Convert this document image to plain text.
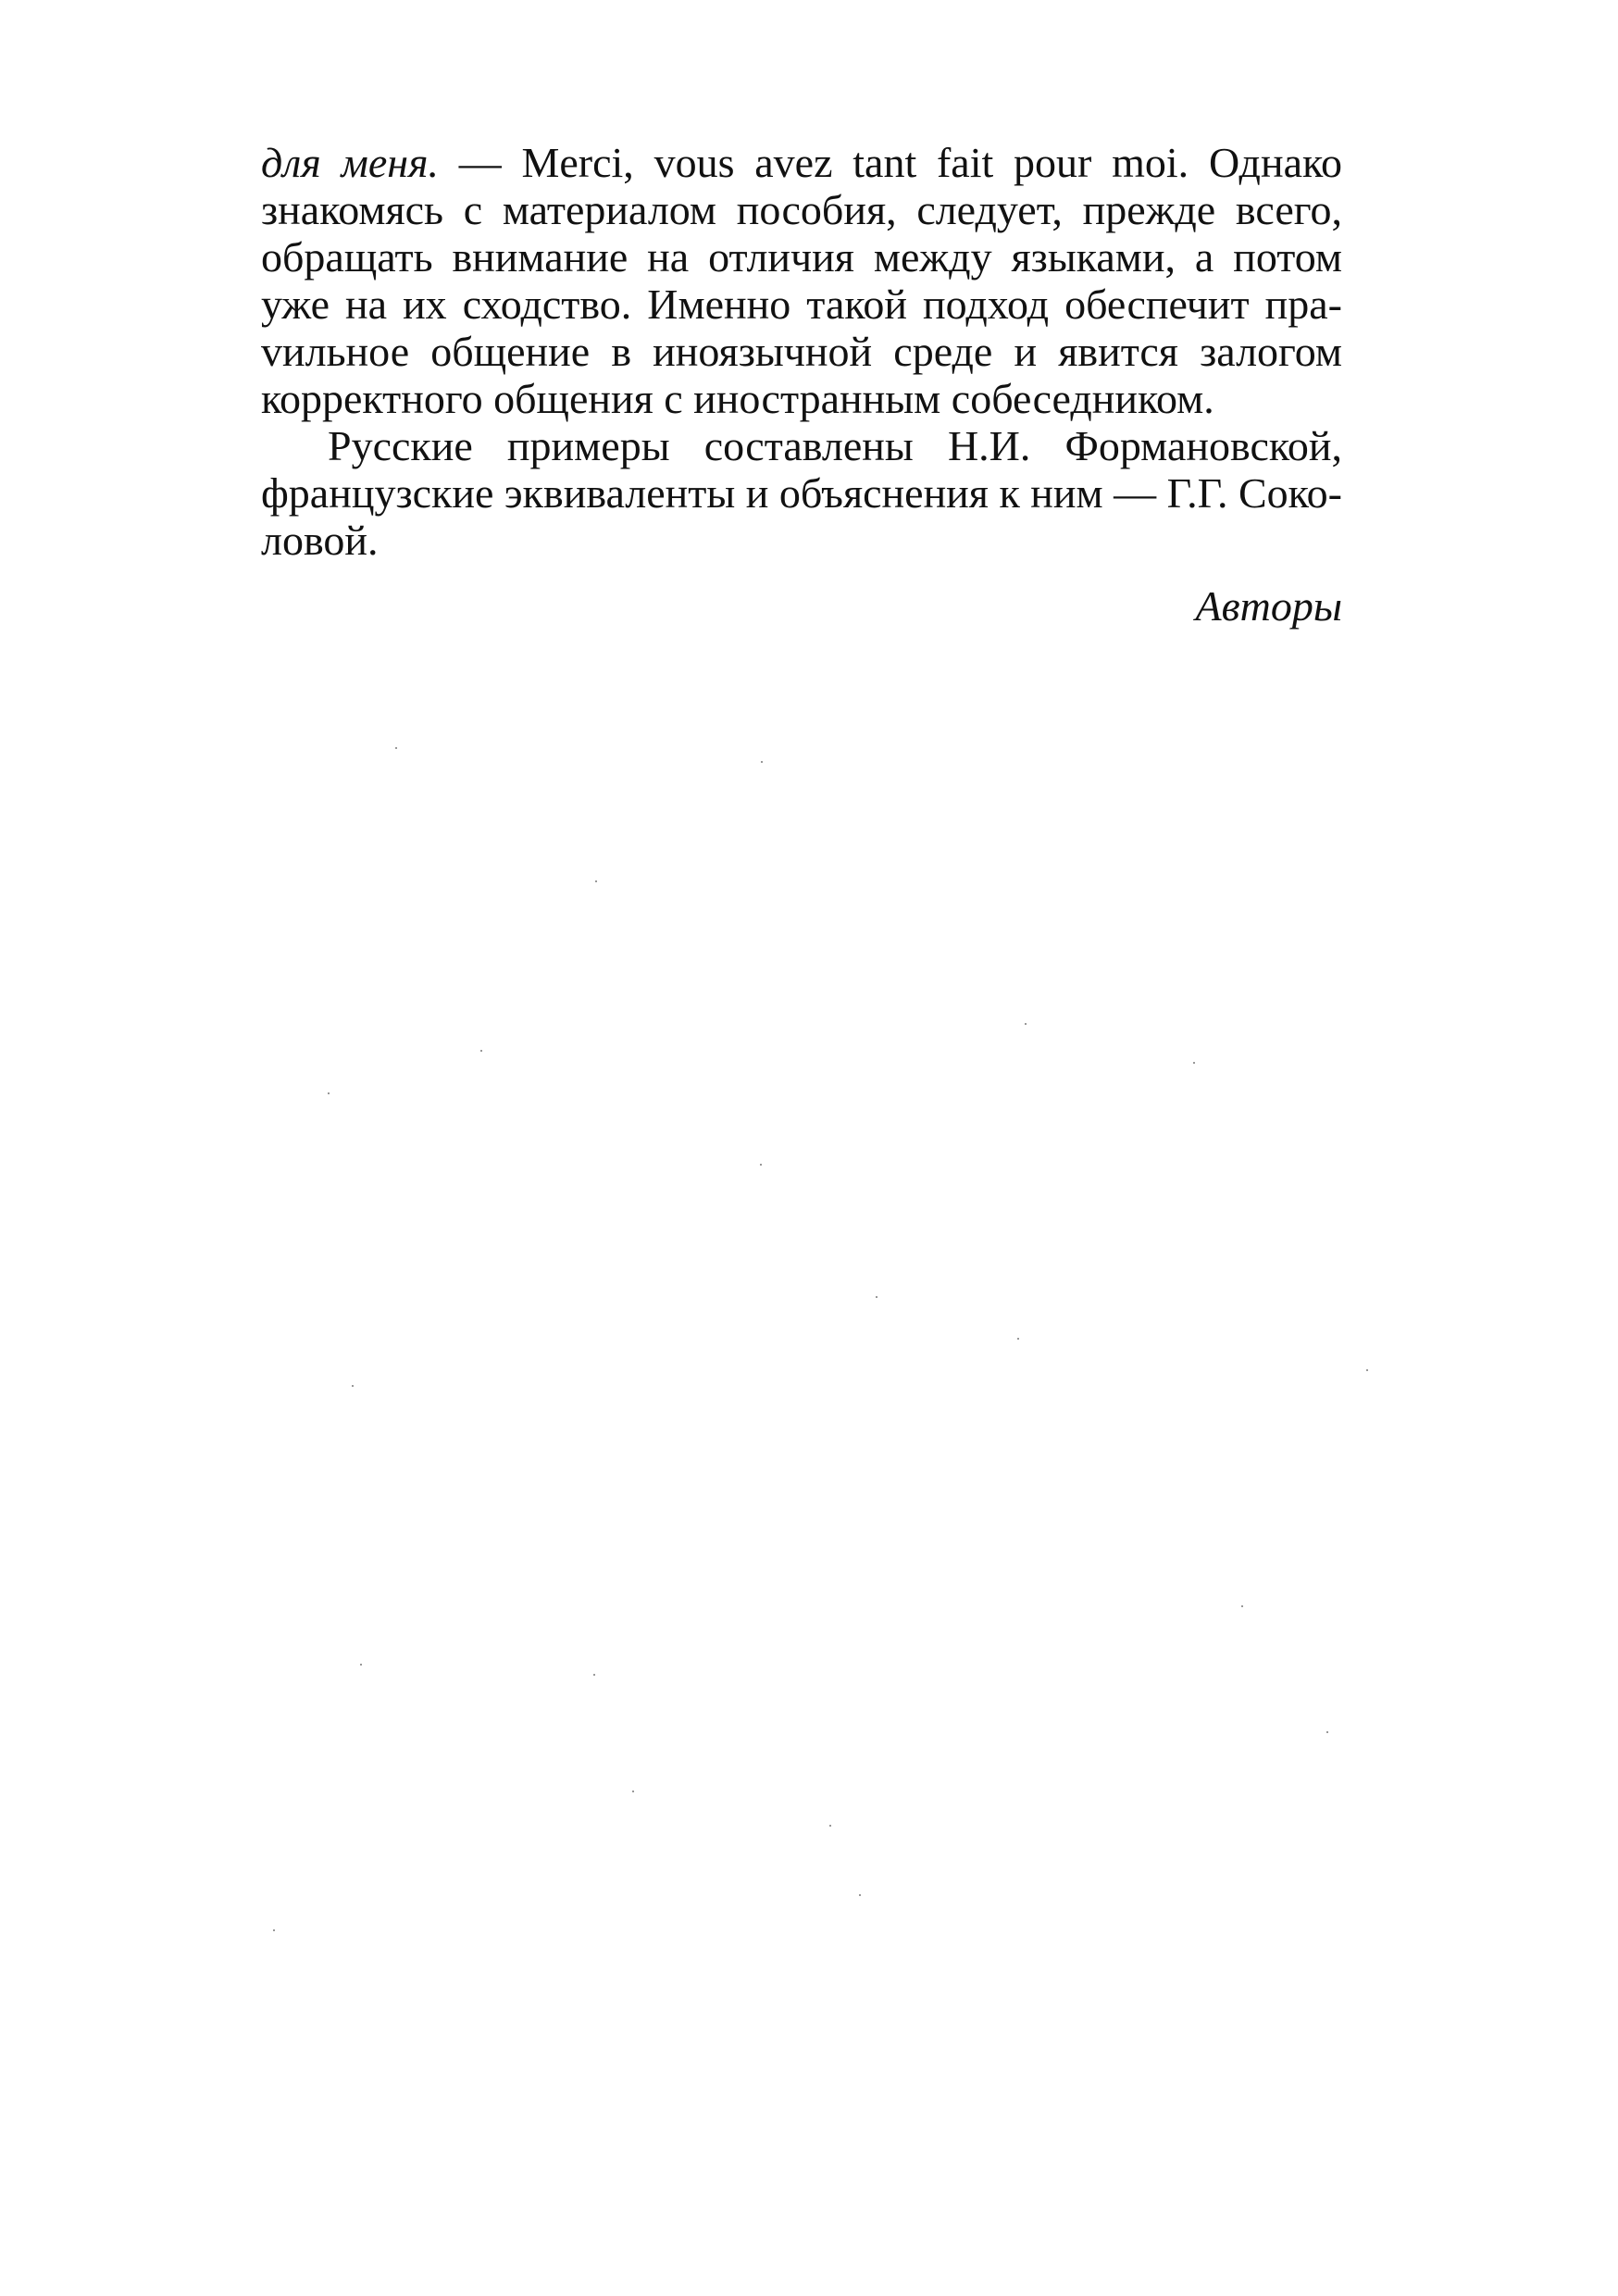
для меня. — Merci, vous avez tant fait pour moi. Однако знакомясь с материалом пособия, следует, прежде всего, обращать внимание на отличия между языками, а потом уже на их сходство. Именно такой подход обеспечит праvильное общение в иноязычной среде и явится залогом корректного общения с иностранным собеседником.

Русские примеры составлены Н.И. Формановской, французские эквиваленты и объяснения к ним — Г.Г. Соколовой.

Авторы
